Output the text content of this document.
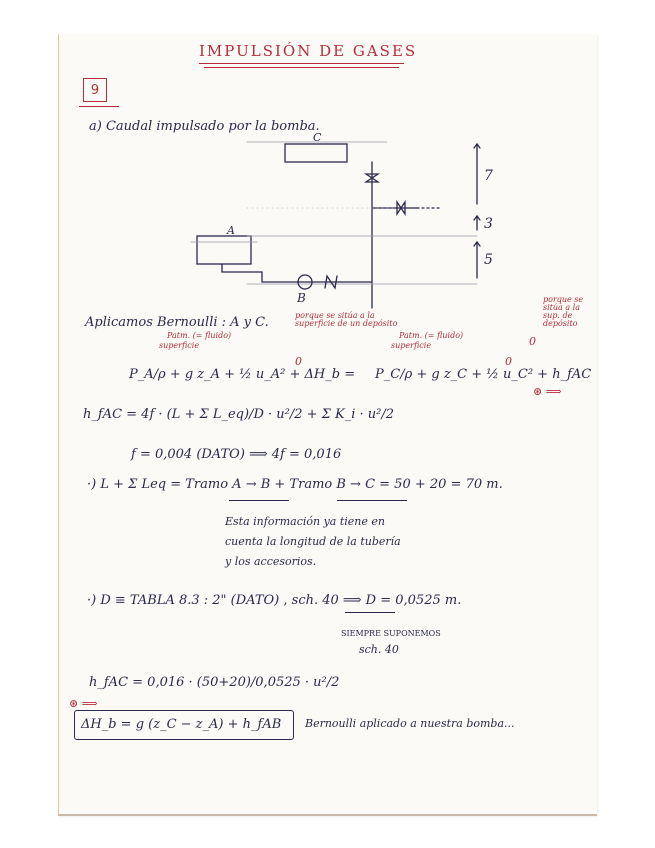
IMPULSIÓN DE GASES
9
a) Caudal impulsado por la bomba.
C
A
B
7
3
5
Aplicamos Bernoulli : A y C.
Patm. (= fluido)
superficie
porque se sitúa a la superficie de un depósito
Patm. (= fluido)
superficie
porque se sitúa a la sup. de depósito
0	0
0
P_A/ρ + g z_A + ½ u_A² + ΔH_b = P_C/ρ + g z_C + ½ u_C² + h_fAC
⊛ ⟹
h_fAC = 4f · (L + Σ L_eq)/D · u²/2 + Σ K_i · u²/2
f = 0,004 (DATO) ⟹ 4f = 0,016
·) L + Σ Leq = Tramo A → B + Tramo B → C = 50 + 20 = 70 m.
Esta información ya tiene en
cuenta la longitud de la tubería
y los accesorios.
·) D ≡ TABLA 8.3 : 2" (DATO) , sch. 40 ⟹ D = 0,0525 m.
SIEMPRE SUPONEMOS
sch. 40
h_fAC = 0,016 · (50+20)/0,0525 · u²/2
⊛ ⟹
ΔH_b = g (z_C − z_A) + h_fAB Bernoulli aplicado a nuestra bomba...
